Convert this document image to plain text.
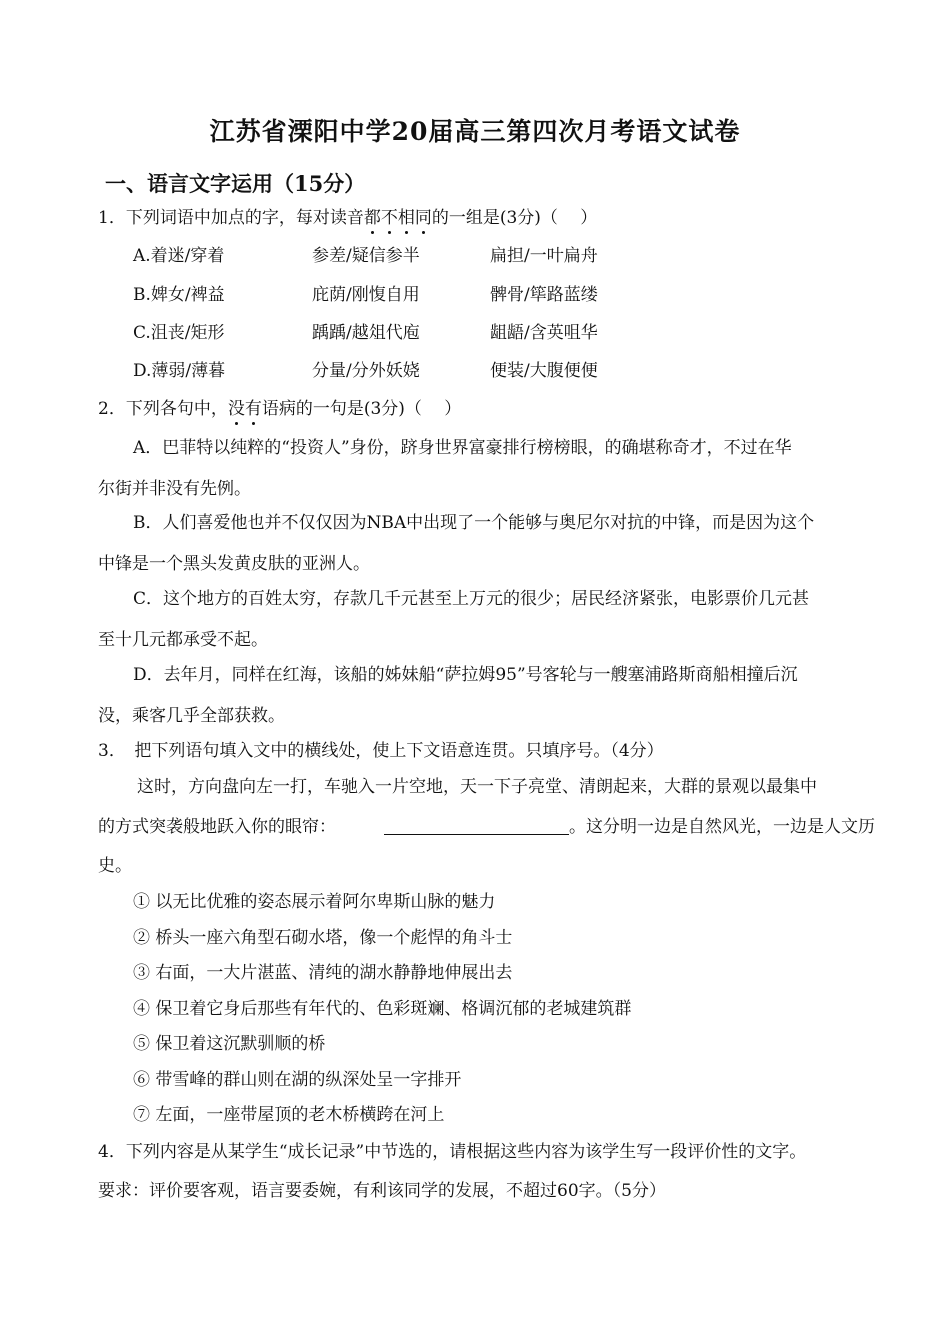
江苏省溧阳中学20届高三第四次月考语文试卷
一、语言文字运用（15分）

1．下列词语中加点的字，每对读音都不相同的一组是(3分)（　 ）

A.着迷/穿着	参差/疑信参半	扁担/一叶扁舟
B.婢女/裨益	庇荫/刚愎自用	髀骨/筚路蓝缕
C.沮丧/矩形	踽踽/越俎代庖	龃龉/含英咀华
D.薄弱/薄暮	分量/分外妖娆	便装/大腹便便

2．下列各句中，没有语病的一句是(3分)（　 ）

A．巴菲特以纯粹的“投资人”身份，跻身世界富豪排行榜榜眼，的确堪称奇才，不过在华

尔街并非没有先例。

B．人们喜爱他也并不仅仅因为NBA中出现了一个能够与奥尼尔对抗的中锋，而是因为这个

中锋是一个黑头发黄皮肤的亚洲人。

C．这个地方的百姓太穷，存款几千元甚至上万元的很少；居民经济紧张，电影票价几元甚

至十几元都承受不起。

D．去年月，同样在红海，该船的姊妹船“萨拉姆95”号客轮与一艘塞浦路斯商船相撞后沉

没，乘客几乎全部获救。

3．　把下列语句填入文中的横线处，使上下文语意连贯。只填序号。（4分）

这时，方向盘向左一打，车驰入一片空地，天一下子亮堂、清朗起来，大群的景观以最集中

的方式突袭般地跃入你的眼帘：	。这分明一边是自然风光，一边是人文历

史。

① 以无比优雅的姿态展示着阿尔卑斯山脉的魅力

② 桥头一座六角型石砌水塔，像一个彪悍的角斗士

③ 右面，一大片湛蓝、清纯的湖水静静地伸展出去

④ 保卫着它身后那些有年代的、色彩斑斓、格调沉郁的老城建筑群

⑤ 保卫着这沉默驯顺的桥

⑥ 带雪峰的群山则在湖的纵深处呈一字排开

⑦ 左面，一座带屋顶的老木桥横跨在河上

4．下列内容是从某学生“成长记录”中节选的，请根据这些内容为该学生写一段评价性的文字。

要求：评价要客观，语言要委婉，有利该同学的发展，不超过60字。（5分）
